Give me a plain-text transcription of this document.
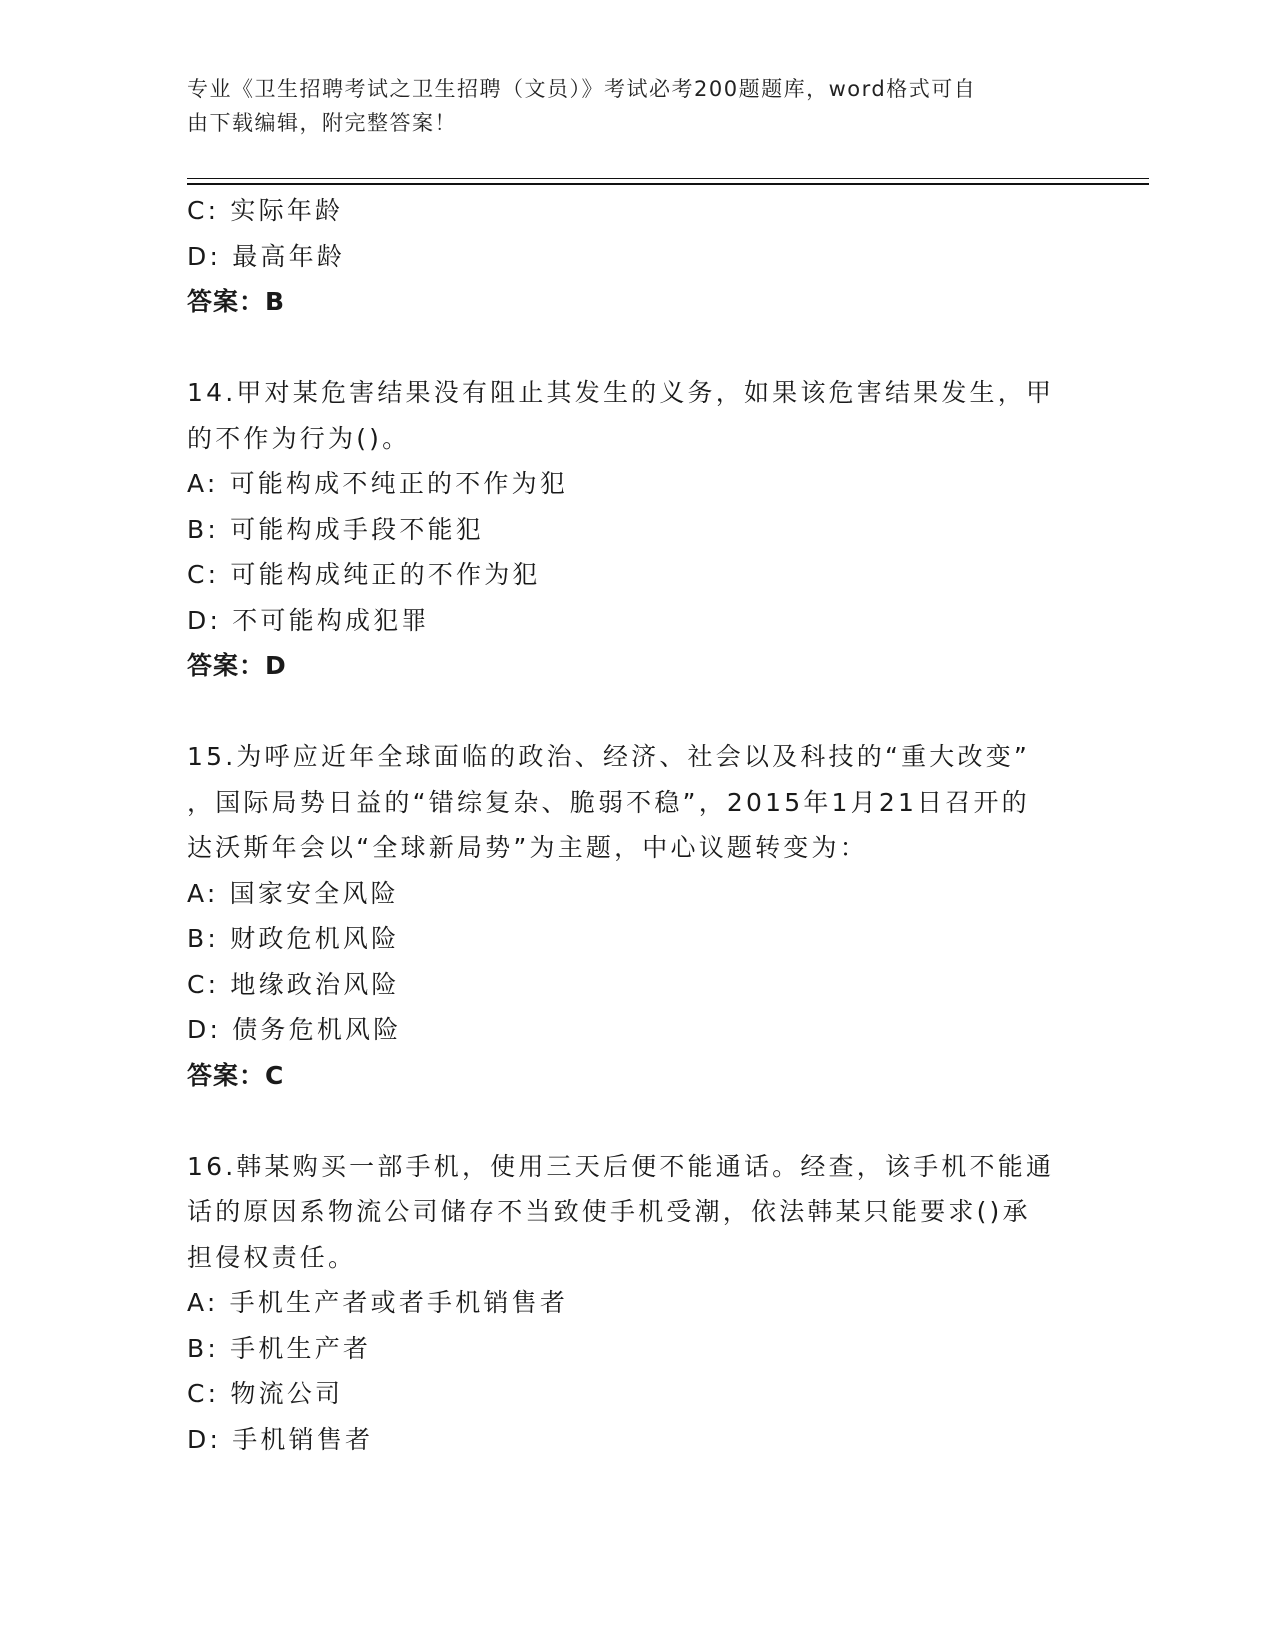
专业《卫生招聘考试之卫生招聘（文员）》考试必考200题题库，word格式可自
由下载编辑，附完整答案！
C: 实际年龄
D: 最高年龄
答案：B
14.甲对某危害结果没有阻止其发生的义务，如果该危害结果发生，甲
的不作为行为()。
A: 可能构成不纯正的不作为犯
B: 可能构成手段不能犯
C: 可能构成纯正的不作为犯
D: 不可能构成犯罪
答案：D
15.为呼应近年全球面临的政治、经济、社会以及科技的“重大改变”
，国际局势日益的“错综复杂、脆弱不稳”，2015年1月21日召开的
达沃斯年会以“全球新局势”为主题，中心议题转变为：
A: 国家安全风险
B: 财政危机风险
C: 地缘政治风险
D: 债务危机风险
答案：C
16.韩某购买一部手机，使用三天后便不能通话。经查，该手机不能通
话的原因系物流公司储存不当致使手机受潮，依法韩某只能要求()承
担侵权责任。
A: 手机生产者或者手机销售者
B: 手机生产者
C: 物流公司
D: 手机销售者
